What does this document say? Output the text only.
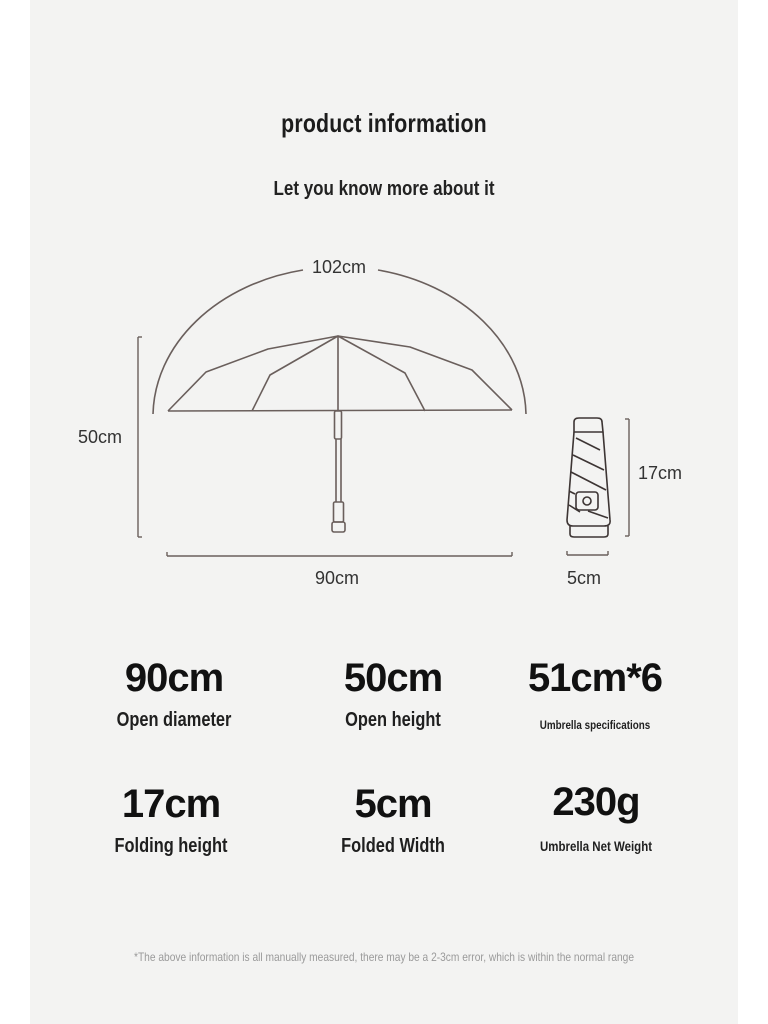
product information
Let you know more about it
102cm
50cm
90cm
17cm
5cm
90cm
Open diameter
50cm
Open height
51cm*6
Umbrella specifications
17cm
Folding height
5cm
Folded Width
230g
Umbrella Net Weight
*The above information is all manually measured, there may be a 2-3cm error, which is within the normal range
